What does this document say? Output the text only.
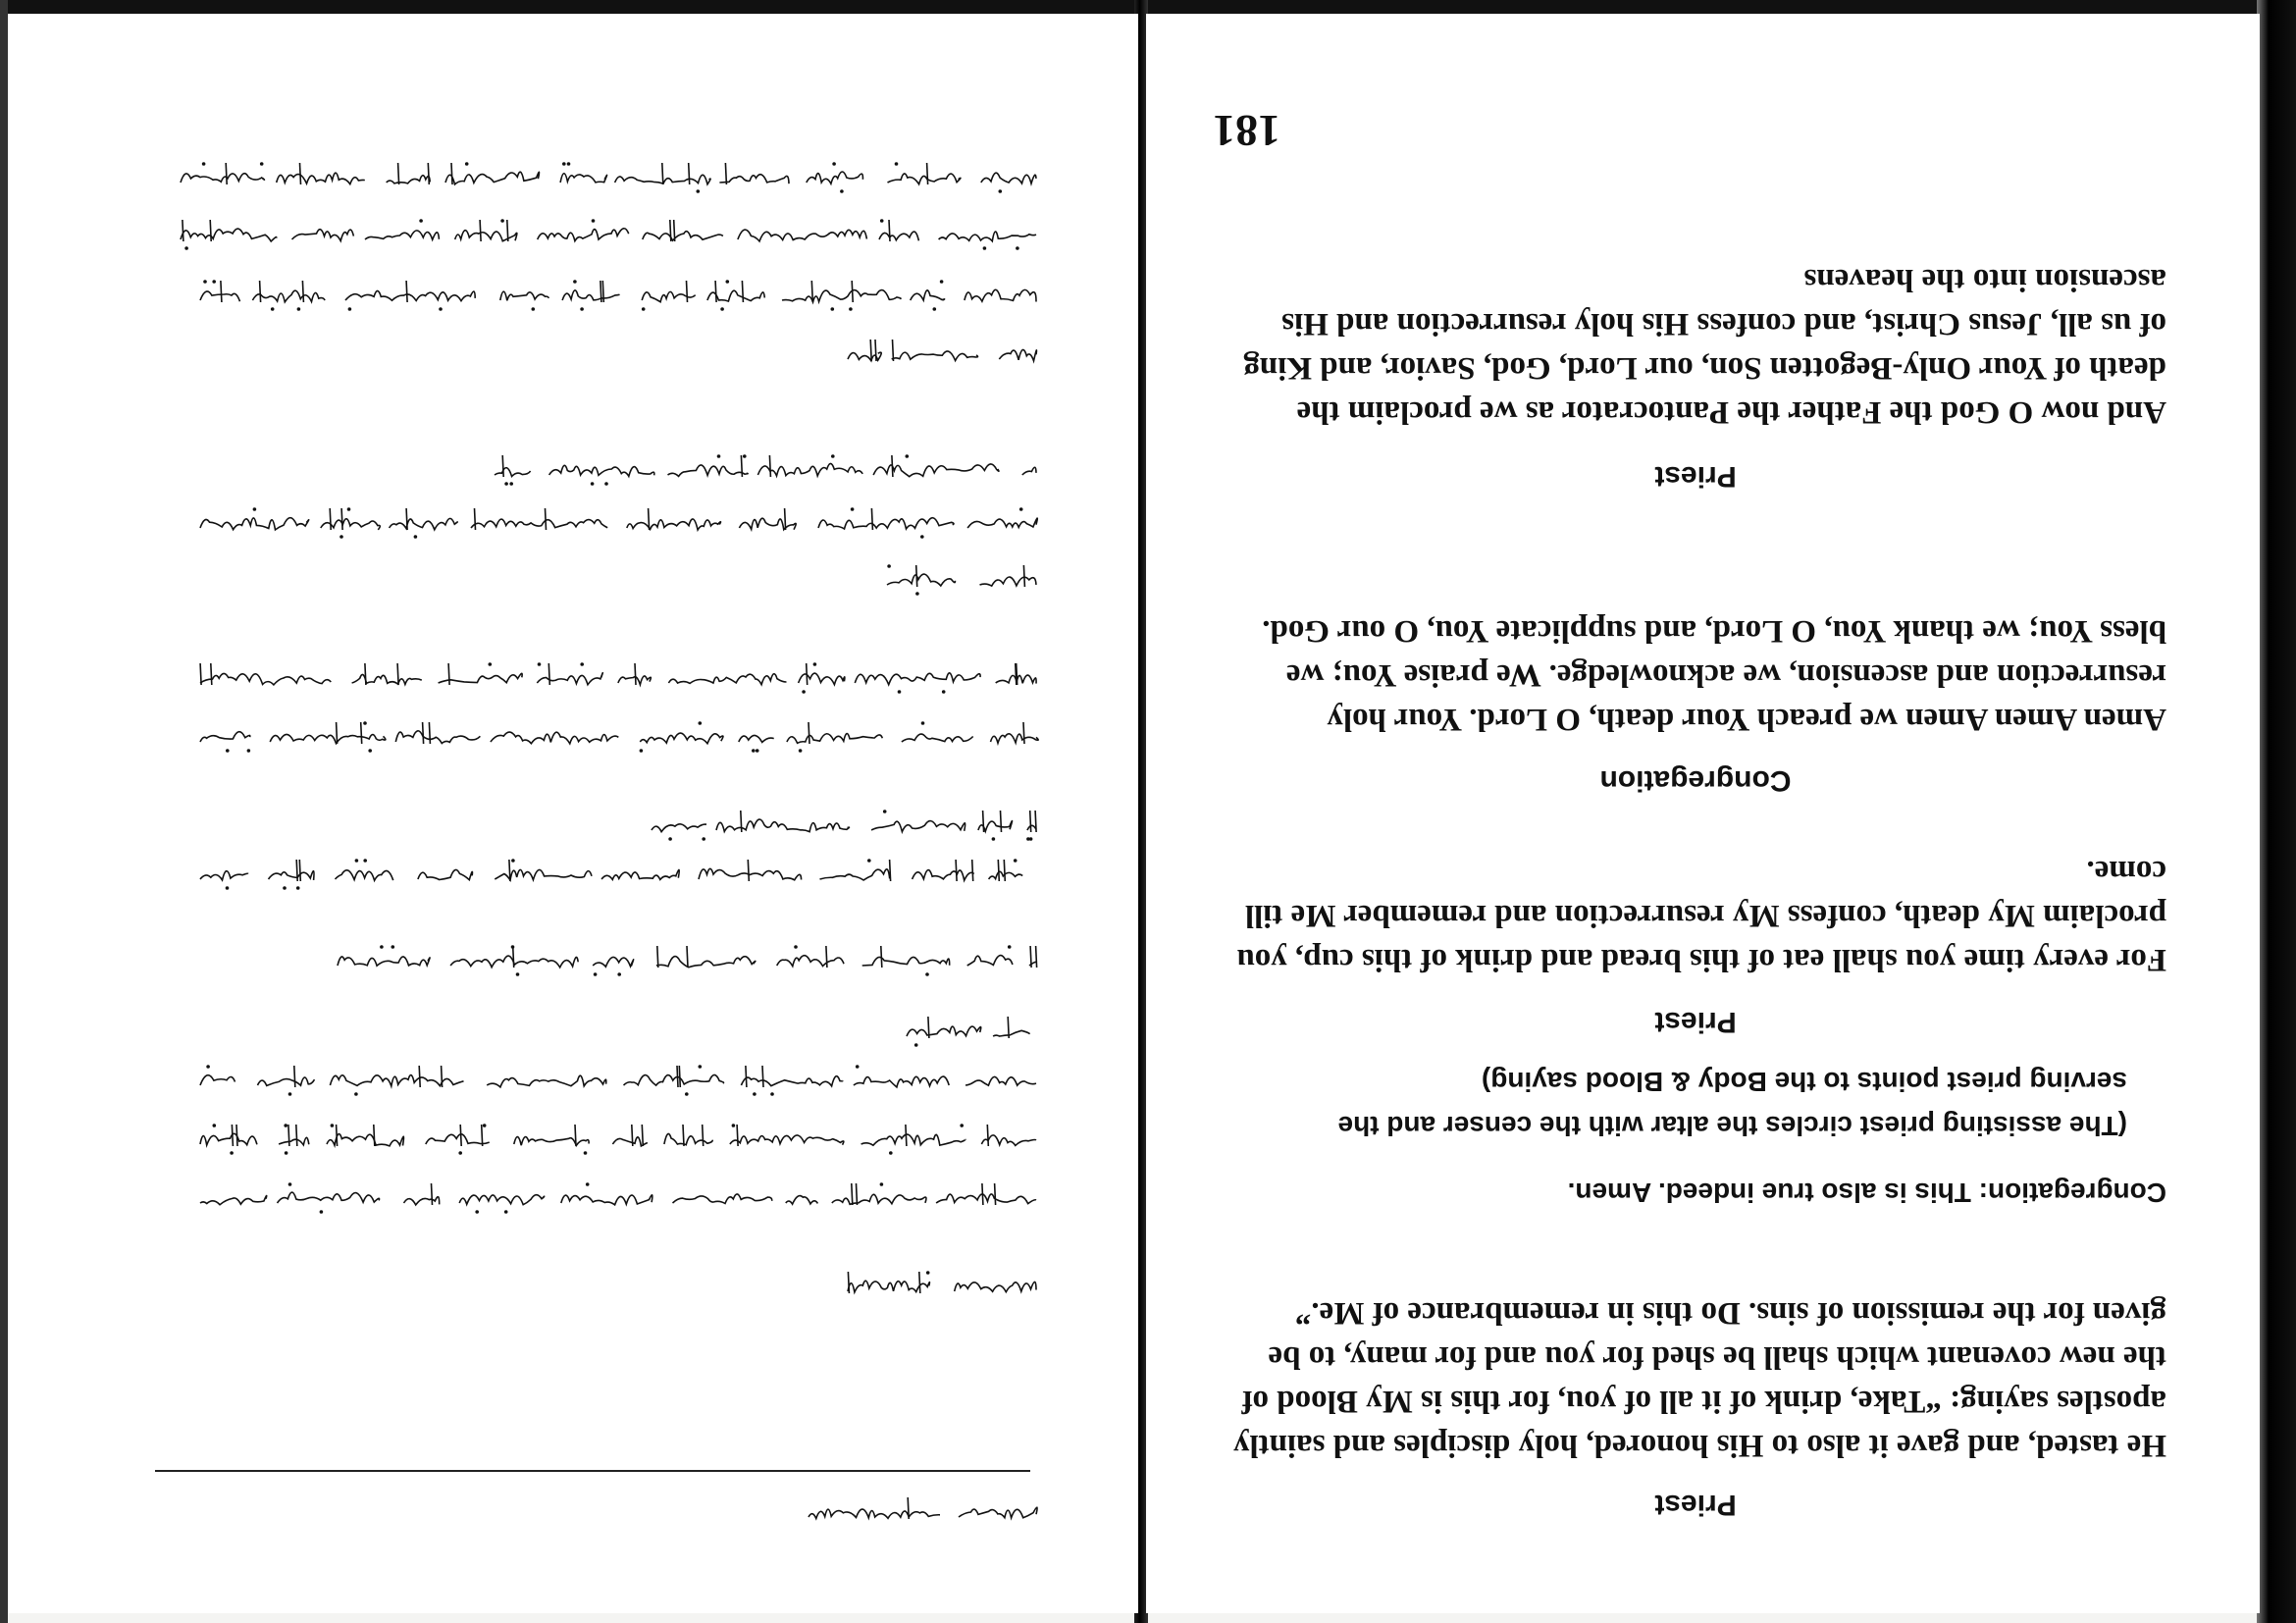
181
Priest
He tasted, and gave it also to His honored, holy disciples and saintly apostles saying: “Take, drink of it all of you, for this is My Blood of the new covenant which shall be shed for you and for many, to be given for the remission of sins. Do this in remembrance of Me.”
Congregation: This is also true indeed. Amen.
(The assisting priest circles the altar with the censer and the serving priest points to the Body & Blood saying)
Priest
For every time you shall eat of this bread and drink of this cup, you proclaim My death, confess My resurrection and remember Me till come.
Congregation
Amen Amen Amen we preach Your death, O Lord. Your holy resurrection and ascension, we acknowledge. We praise You; we bless You; we thank You, O Lord, and supplicate You, O our God.
Priest
And now O God the Father the Pantocrator as we proclaim the death of Your Only-Begotten Son, our Lord, God, Savior, and King of us all, Jesus Christ, and confess His holy resurrection and His ascension into the heavens
